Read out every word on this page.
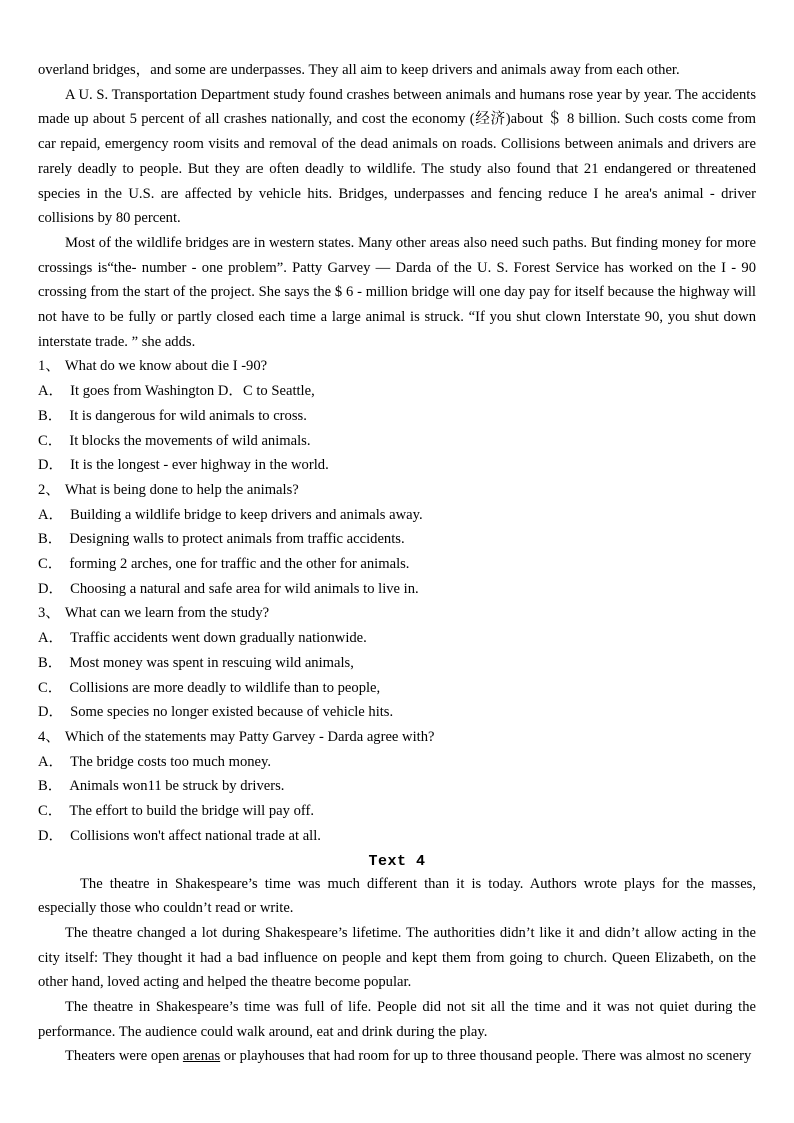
overland bridges，and some are underpasses. They all aim to keep drivers and animals away from each other.

A U. S. Transportation Department study found crashes between animals and humans rose year by year. The accidents made up about 5 percent of all crashes nationally, and cost the economy (经济)about ＄ 8 billion. Such costs come from car repaid, emergency room visits and removal of the dead animals on roads. Collisions between animals and drivers are rarely deadly to people. But they are often deadly to wildlife. The study also found that 21 endangered or threatened species in the U.S. are affected by vehicle hits. Bridges, underpasses and fencing reduce I he area's animal - driver collisions by 80 percent.

Most of the wildlife bridges are in western states. Many other areas also need such paths. But finding money for more crossings is“the- number - one problem”. Patty Garvey — Darda of the U. S. Forest Service has worked on the I - 90 crossing from the start of the project. She says the $ 6 - million bridge will one day pay for itself because the highway will not have to be fully or partly closed each time a large animal is struck. “If you shut clown Interstate 90, you shut down interstate trade. ” she adds.

1、 What do we know about die I -90?
A． It goes from Washington D．C to Seattle,
B． It is dangerous for wild animals to cross.
C． It blocks the movements of wild animals.
D． It is the longest - ever highway in the world.
2、 What is being done to help the animals?
A． Building a wildlife bridge to keep drivers and animals away.
B． Designing walls to protect animals from traffic accidents.
C． forming 2 arches, one for traffic and the other for animals.
D． Choosing a natural and safe area for wild animals to live in.
3、 What can we learn from the study?
A． Traffic accidents went down gradually nationwide.
B． Most money was spent in rescuing wild animals,
C． Collisions are more deadly to wildlife than to people,
D． Some species no longer existed because of vehicle hits.
4、 Which of the statements may Patty Garvey - Darda agree with?
A． The bridge costs too much money.
B． Animals won11 be struck by drivers.
C． The effort to build the bridge will pay off.
D． Collisions won't affect national trade at all.
Text 4

The theatre in Shakespeare’s time was much different than it is today. Authors wrote plays for the masses, especially those who couldn’t read or write.

The theatre changed a lot during Shakespeare’s lifetime. The authorities didn’t like it and didn’t allow acting in the city itself: They thought it had a bad influence on people and kept them from going to church. Queen Elizabeth, on the other hand, loved acting and helped the theatre become popular.

The theatre in Shakespeare’s time was full of life. People did not sit all the time and it was not quiet during the performance. The audience could walk around, eat and drink during the play.

Theaters were open arenas or playhouses that had room for up to three thousand people. There was almost no scenery
